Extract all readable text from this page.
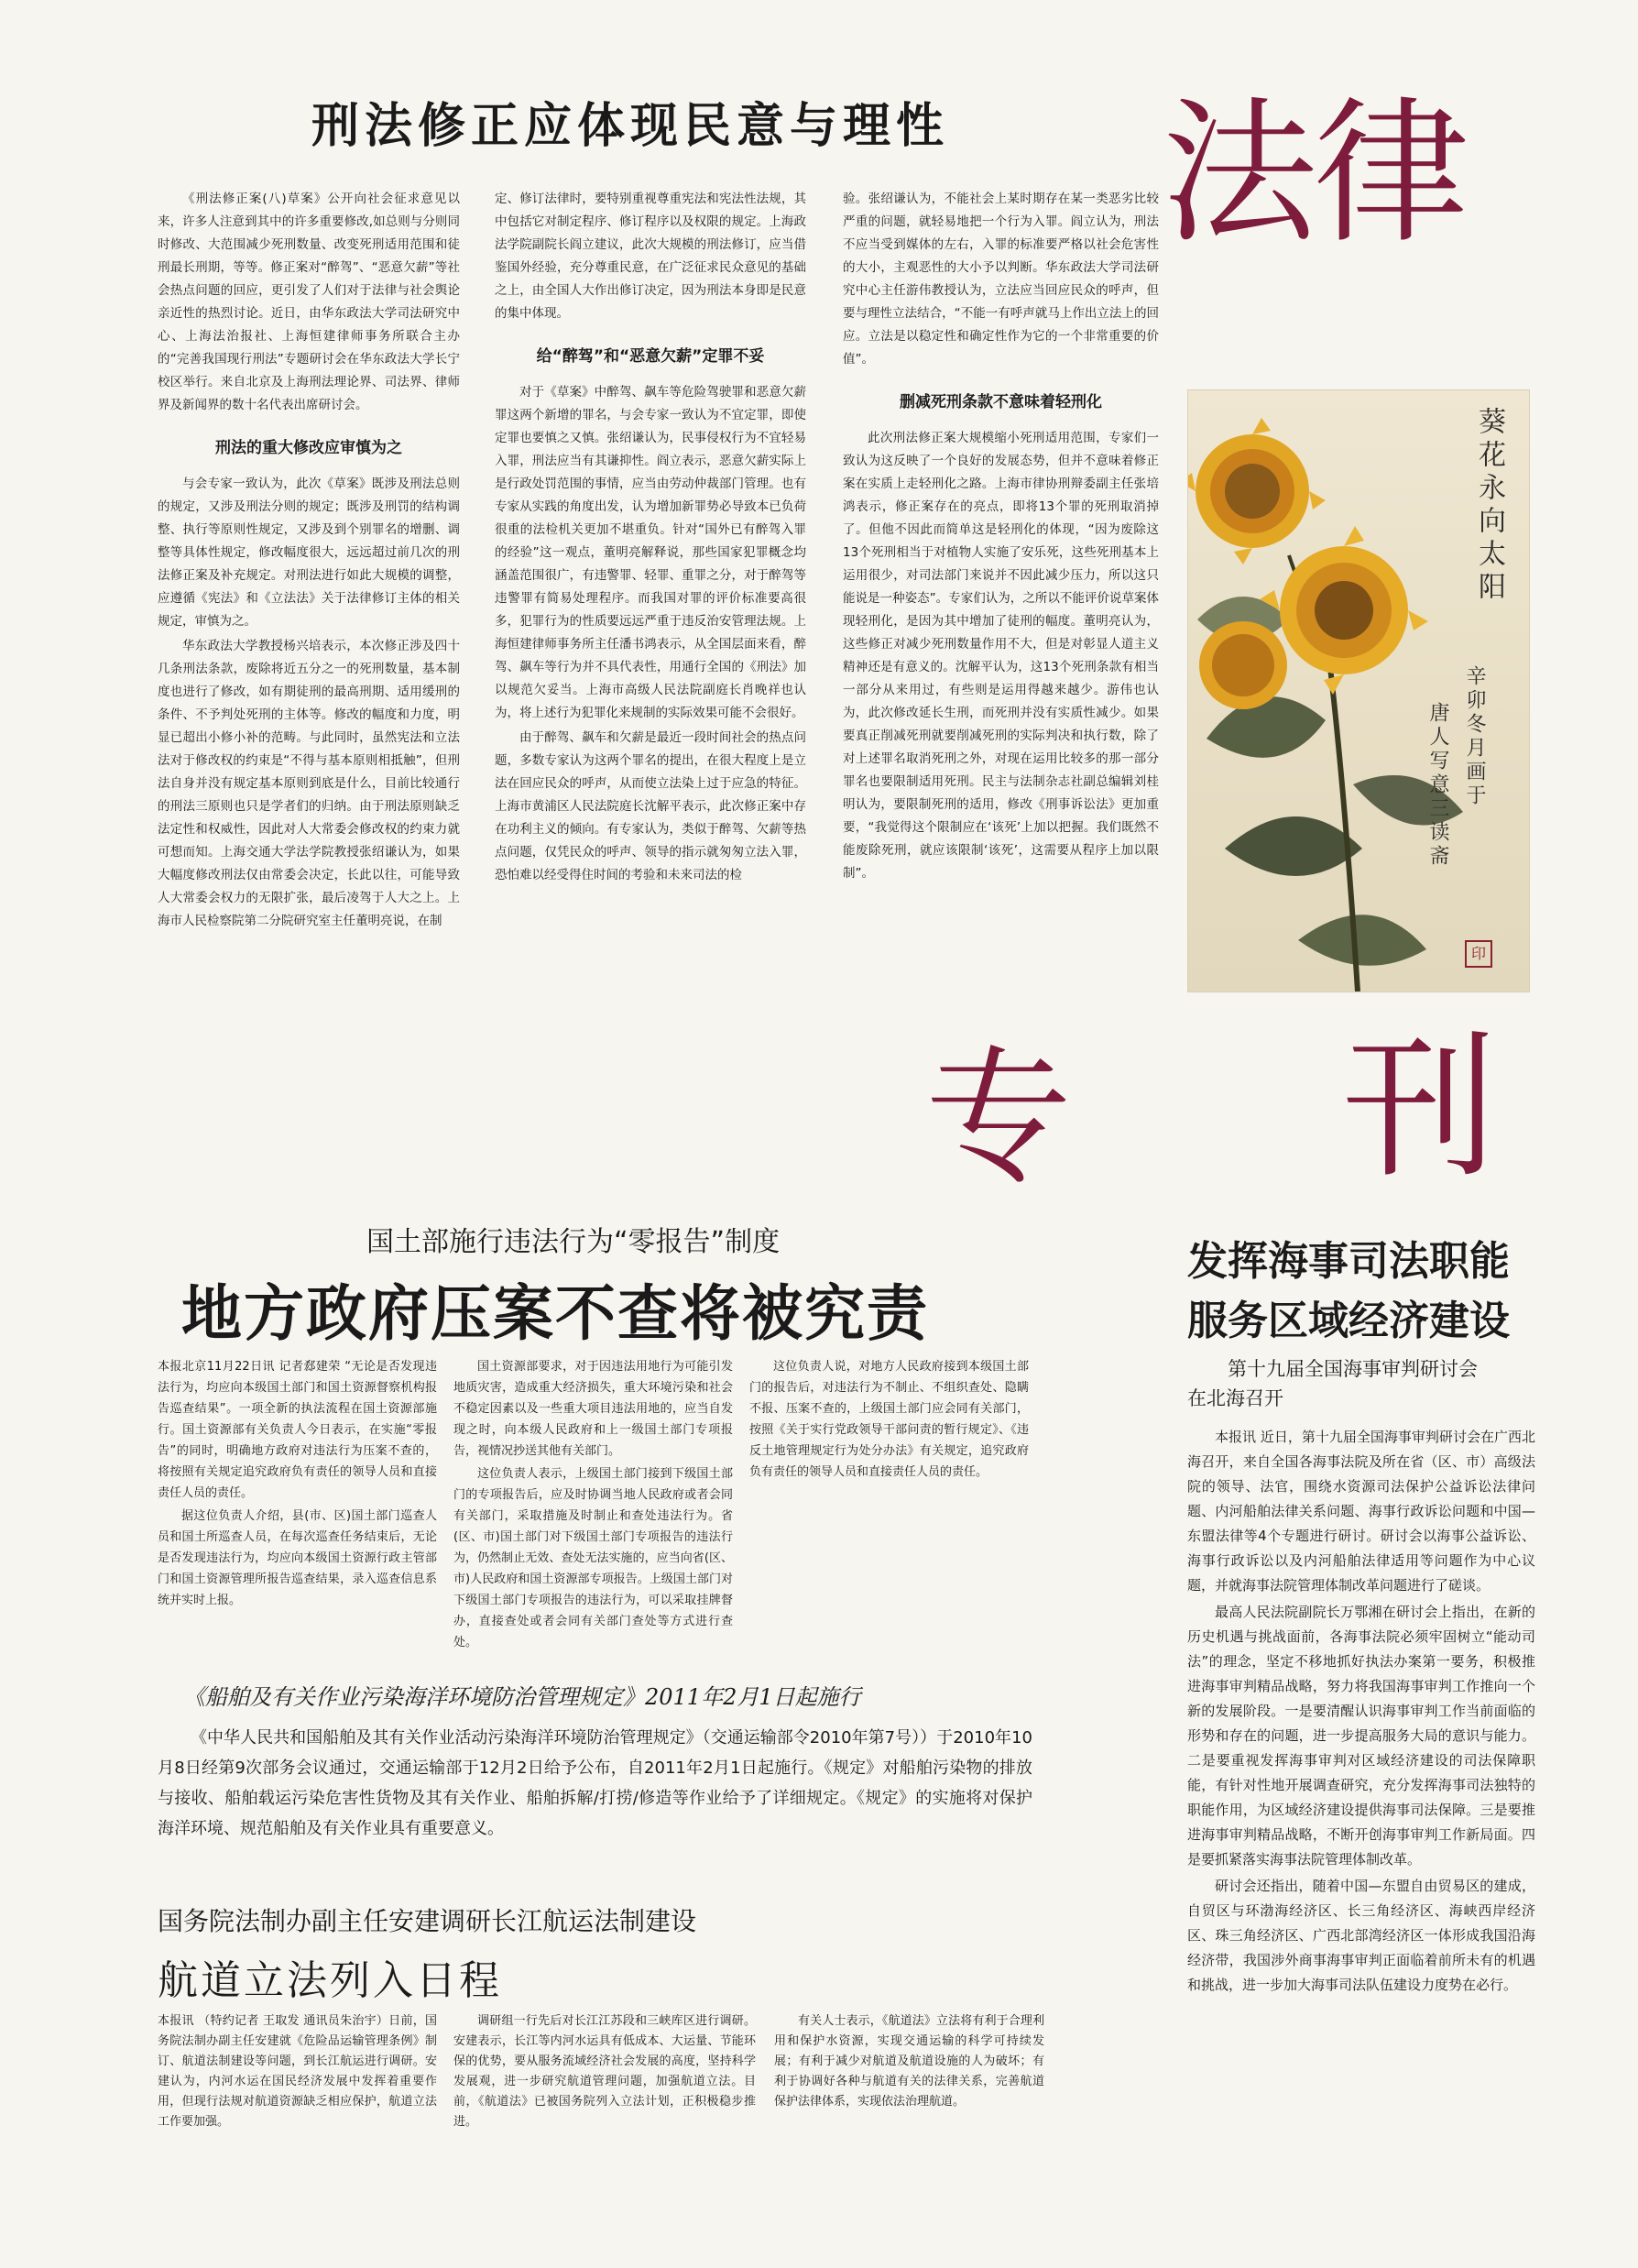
法律
专 刊
刑法修正应体现民意与理性

《刑法修正案(八)草案》公开向社会征求意见以来，许多人注意到其中的许多重要修改,如总则与分则同时修改、大范围减少死刑数量、改变死刑适用范围和徒刑最长刑期，等等。修正案对“醉驾”、“恶意欠薪”等社会热点问题的回应，更引发了人们对于法律与社会舆论亲近性的热烈讨论。近日，由华东政法大学司法研究中心、上海法治报社、上海恒建律师事务所联合主办的“完善我国现行刑法”专题研讨会在华东政法大学长宁校区举行。来自北京及上海刑法理论界、司法界、律师界及新闻界的数十名代表出席研讨会。

刑法的重大修改应审慎为之

与会专家一致认为，此次《草案》既涉及刑法总则的规定，又涉及刑法分则的规定；既涉及刑罚的结构调整、执行等原则性规定，又涉及到个别罪名的增删、调整等具体性规定，修改幅度很大，远远超过前几次的刑法修正案及补充规定。对刑法进行如此大规模的调整，应遵循《宪法》和《立法法》关于法律修订主体的相关规定，审慎为之。

华东政法大学教授杨兴培表示，本次修正涉及四十几条刑法条款，废除将近五分之一的死刑数量，基本制度也进行了修改，如有期徒刑的最高刑期、适用缓刑的条件、不予判处死刑的主体等。修改的幅度和力度，明显已超出小修小补的范畴。与此同时，虽然宪法和立法法对于修改权的约束是“不得与基本原则相抵触”，但刑法自身并没有规定基本原则到底是什么，目前比较通行的刑法三原则也只是学者们的归纳。由于刑法原则缺乏法定性和权威性，因此对人大常委会修改权的约束力就可想而知。上海交通大学法学院教授张绍谦认为，如果大幅度修改刑法仅由常委会决定，长此以往，可能导致人大常委会权力的无限扩张，最后凌驾于人大之上。上海市人民检察院第二分院研究室主任董明亮说，在制

定、修订法律时，要特别重视尊重宪法和宪法性法规，其中包括它对制定程序、修订程序以及权限的规定。上海政法学院副院长阎立建议，此次大规模的刑法修订，应当借鉴国外经验，充分尊重民意，在广泛征求民众意见的基础之上，由全国人大作出修订决定，因为刑法本身即是民意的集中体现。

给“醉驾”和“恶意欠薪”定罪不妥

对于《草案》中醉驾、飙车等危险驾驶罪和恶意欠薪罪这两个新增的罪名，与会专家一致认为不宜定罪，即使定罪也要慎之又慎。张绍谦认为，民事侵权行为不宜轻易入罪，刑法应当有其谦抑性。阎立表示，恶意欠薪实际上是行政处罚范围的事情，应当由劳动仲裁部门管理。也有专家从实践的角度出发，认为增加新罪势必导致本已负荷很重的法检机关更加不堪重负。针对“国外已有醉驾入罪的经验”这一观点，董明亮解释说，那些国家犯罪概念均涵盖范围很广，有违警罪、轻罪、重罪之分，对于醉驾等违警罪有简易处理程序。而我国对罪的评价标准要高很多，犯罪行为的性质要远远严重于违反治安管理法规。上海恒建律师事务所主任潘书鸿表示，从全国层面来看，醉驾、飙车等行为并不具代表性，用通行全国的《刑法》加以规范欠妥当。上海市高级人民法院副庭长肖晚祥也认为，将上述行为犯罪化来规制的实际效果可能不会很好。

由于醉驾、飙车和欠薪是最近一段时间社会的热点问题，多数专家认为这两个罪名的提出，在很大程度上是立法在回应民众的呼声，从而使立法染上过于应急的特征。上海市黄浦区人民法院庭长沈解平表示，此次修正案中存在功利主义的倾向。有专家认为，类似于醉驾、欠薪等热点问题，仅凭民众的呼声、领导的指示就匆匆立法入罪，恐怕难以经受得住时间的考验和未来司法的检

验。张绍谦认为，不能社会上某时期存在某一类恶劣比较严重的问题，就轻易地把一个行为入罪。阎立认为，刑法不应当受到媒体的左右，入罪的标准要严格以社会危害性的大小，主观恶性的大小予以判断。华东政法大学司法研究中心主任游伟教授认为，立法应当回应民众的呼声，但要与理性立法结合，“不能一有呼声就马上作出立法上的回应。立法是以稳定性和确定性作为它的一个非常重要的价值”。

删减死刑条款不意味着轻刑化

此次刑法修正案大规模缩小死刑适用范围，专家们一致认为这反映了一个良好的发展态势，但并不意味着修正案在实质上走轻刑化之路。上海市律协刑辩委副主任张培鸿表示，修正案存在的亮点，即将13个罪的死刑取消掉了。但他不因此而简单这是轻刑化的体现，“因为废除这13个死刑相当于对植物人实施了安乐死，这些死刑基本上运用很少，对司法部门来说并不因此减少压力，所以这只能说是一种姿态”。专家们认为，之所以不能评价说草案体现轻刑化，是因为其中增加了徒刑的幅度。董明亮认为，这些修正对减少死刑数量作用不大，但是对彰显人道主义精神还是有意义的。沈解平认为，这13个死刑条款有相当一部分从来用过，有些则是运用得越来越少。游伟也认为，此次修改延长生刑，而死刑并没有实质性减少。如果要真正削减死刑就要削减死刑的实际判决和执行数，除了对上述罪名取消死刑之外，对现在运用比较多的那一部分罪名也要限制适用死刑。民主与法制杂志社副总编辑刘桂明认为，要限制死刑的适用，修改《刑事诉讼法》更加重要，“我觉得这个限制应在‘该死’上加以把握。我们既然不能废除死刑，就应该限制‘该死’，这需要从程序上加以限制”。

葵花永向太阳
辛卯冬月画于
唐人写意三读斋
印
国土部施行违法行为“零报告”制度
地方政府压案不查将被究责

本报北京11月22日讯 记者郄建荣 “无论是否发现违法行为，均应向本级国土部门和国土资源督察机构报告巡查结果”。一项全新的执法流程在国土资源部施行。国土资源部有关负责人今日表示，在实施“零报告”的同时，明确地方政府对违法行为压案不查的，将按照有关规定追究政府负有责任的领导人员和直接责任人员的责任。

据这位负责人介绍，县(市、区)国土部门巡查人员和国土所巡查人员，在每次巡查任务结束后，无论是否发现违法行为，均应向本级国土资源行政主管部门和国土资源管理所报告巡查结果，录入巡查信息系统并实时上报。

国土资源部要求，对于因违法用地行为可能引发地质灾害，造成重大经济损失，重大环境污染和社会不稳定因素以及一些重大项目违法用地的，应当自发现之时，向本级人民政府和上一级国土部门专项报告，视情况抄送其他有关部门。

这位负责人表示，上级国土部门接到下级国土部门的专项报告后，应及时协调当地人民政府或者会同有关部门，采取措施及时制止和查处违法行为。省(区、市)国土部门对下级国土部门专项报告的违法行为，仍然制止无效、查处无法实施的，应当向省(区、市)人民政府和国土资源部专项报告。上级国土部门对下级国土部门专项报告的违法行为，可以采取挂牌督办，直接查处或者会同有关部门查处等方式进行查处。

这位负责人说，对地方人民政府接到本级国土部门的报告后，对违法行为不制止、不组织查处、隐瞒不报、压案不查的，上级国土部门应会同有关部门，按照《关于实行党政领导干部问责的暂行规定》、《违反土地管理规定行为处分办法》有关规定，追究政府负有责任的领导人员和直接责任人员的责任。

《船舶及有关作业污染海洋环境防治管理规定》2011年2月1日起施行

《中华人民共和国船舶及其有关作业活动污染海洋环境防治管理规定》（交通运输部令2010年第7号））于2010年10月8日经第9次部务会议通过，交通运输部于12月2日给予公布，自2011年2月1日起施行。《规定》对船舶污染物的排放与接收、船舶载运污染危害性货物及其有关作业、船舶拆解/打捞/修造等作业给予了详细规定。《规定》的实施将对保护海洋环境、规范船舶及有关作业具有重要意义。

国务院法制办副主任安建调研长江航运法制建设
航道立法列入日程

本报讯 （特约记者 王取发 通讯员朱治宇）日前，国务院法制办副主任安建就《危险品运输管理条例》制订、航道法制建设等问题，到长江航运进行调研。安建认为，内河水运在国民经济发展中发挥着重要作用，但现行法规对航道资源缺乏相应保护，航道立法工作要加强。

调研组一行先后对长江江苏段和三峡库区进行调研。安建表示，长江等内河水运具有低成本、大运量、节能环保的优势，要从服务流域经济社会发展的高度，坚持科学发展观，进一步研究航道管理问题，加强航道立法。目前，《航道法》已被国务院列入立法计划，正积极稳步推进。

有关人士表示，《航道法》立法将有利于合理利用和保护水资源，实现交通运输的科学可持续发展；有利于减少对航道及航道设施的人为破坏；有利于协调好各种与航道有关的法律关系，完善航道保护法律体系，实现依法治理航道。

发挥海事司法职能
服务区域经济建设
第十九届全国海事审判研讨会
在北海召开

本报讯 近日，第十九届全国海事审判研讨会在广西北海召开，来自全国各海事法院及所在省（区、市）高级法院的领导、法官，围绕水资源司法保护公益诉讼法律问题、内河船舶法律关系问题、海事行政诉讼问题和中国—东盟法律等4个专题进行研讨。研讨会以海事公益诉讼、海事行政诉讼以及内河船舶法律适用等问题作为中心议题，并就海事法院管理体制改革问题进行了磋谈。

最高人民法院副院长万鄂湘在研讨会上指出，在新的历史机遇与挑战面前，各海事法院必须牢固树立“能动司法”的理念，坚定不移地抓好执法办案第一要务，积极推进海事审判精品战略，努力将我国海事审判工作推向一个新的发展阶段。一是要清醒认识海事审判工作当前面临的形势和存在的问题，进一步提高服务大局的意识与能力。二是要重视发挥海事审判对区域经济建设的司法保障职能，有针对性地开展调查研究，充分发挥海事司法独特的职能作用，为区域经济建设提供海事司法保障。三是要推进海事审判精品战略，不断开创海事审判工作新局面。四是要抓紧落实海事法院管理体制改革。

研讨会还指出，随着中国—东盟自由贸易区的建成，自贸区与环渤海经济区、长三角经济区、海峡西岸经济区、珠三角经济区、广西北部湾经济区一体形成我国沿海经济带，我国涉外商事海事审判正面临着前所未有的机遇和挑战，进一步加大海事司法队伍建设力度势在必行。
